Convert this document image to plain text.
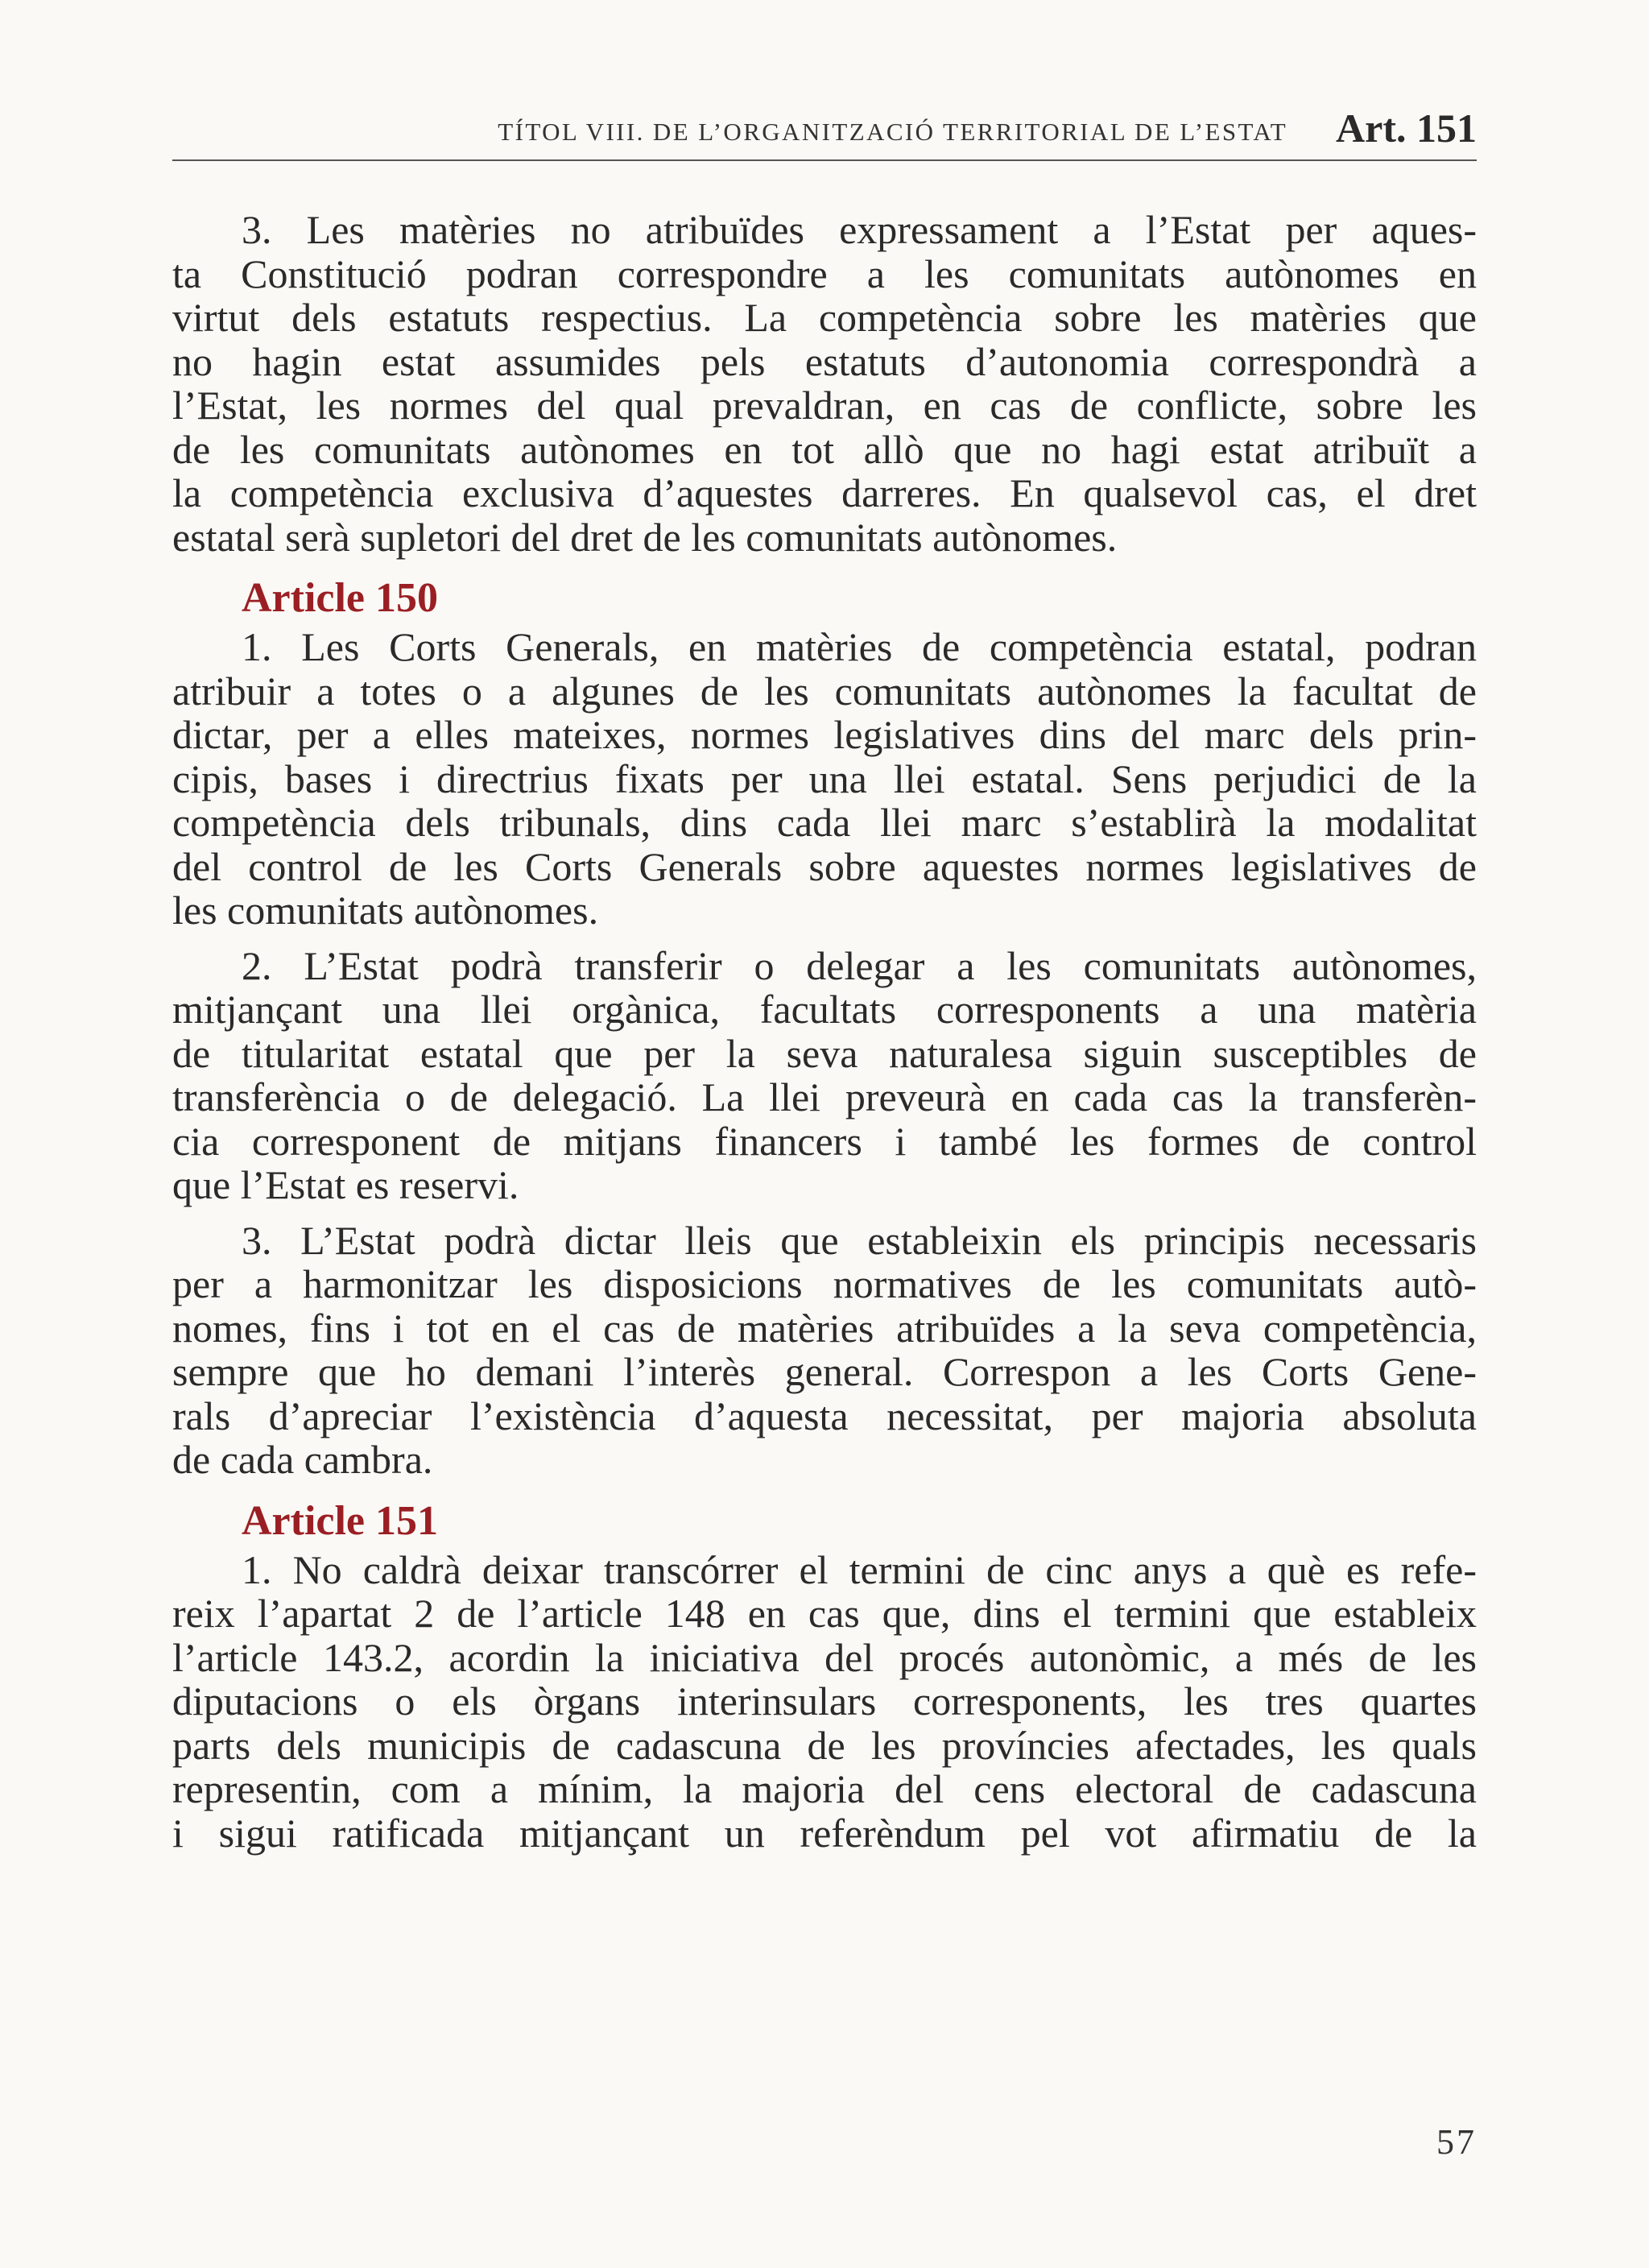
TÍTOL VIII. DE L’ORGANITZACIÓ TERRITORIAL DE L’ESTAT Art. 151
3. Les matèries no atribuïdes expressament a l’Estat per aques-
ta Constitució podran correspondre a les comunitats autònomes en
virtut dels estatuts respectius. La competència sobre les matèries que
no hagin estat assumides pels estatuts d’autonomia correspondrà a
l’Estat, les normes del qual prevaldran, en cas de conflicte, sobre les
de les comunitats autònomes en tot allò que no hagi estat atribuït a
la competència exclusiva d’aquestes darreres. En qualsevol cas, el dret
estatal serà supletori del dret de les comunitats autònomes.
Article 150
1. Les Corts Generals, en matèries de competència estatal, podran
atribuir a totes o a algunes de les comunitats autònomes la facultat de
dictar, per a elles mateixes, normes legislatives dins del marc dels prin-
cipis, bases i directrius fixats per una llei estatal. Sens perjudici de la
competència dels tribunals, dins cada llei marc s’establirà la modalitat
del control de les Corts Generals sobre aquestes normes legislatives de
les comunitats autònomes.
2. L’Estat podrà transferir o delegar a les comunitats autònomes,
mitjançant una llei orgànica, facultats corresponents a una matèria
de titularitat estatal que per la seva naturalesa siguin susceptibles de
transferència o de delegació. La llei preveurà en cada cas la transferèn-
cia corresponent de mitjans financers i també les formes de control
que l’Estat es reservi.
3. L’Estat podrà dictar lleis que estableixin els principis necessaris
per a harmonitzar les disposicions normatives de les comunitats autò-
nomes, fins i tot en el cas de matèries atribuïdes a la seva competència,
sempre que ho demani l’interès general. Correspon a les Corts Gene-
rals d’apreciar l’existència d’aquesta necessitat, per majoria absoluta
de cada cambra.
Article 151
1. No caldrà deixar transcórrer el termini de cinc anys a què es refe-
reix l’apartat 2 de l’article 148 en cas que, dins el termini que estableix
l’article 143.2, acordin la iniciativa del procés autonòmic, a més de les
diputacions o els òrgans interinsulars corresponents, les tres quartes
parts dels municipis de cadascuna de les províncies afectades, les quals
representin, com a mínim, la majoria del cens electoral de cadascuna
i sigui ratificada mitjançant un referèndum pel vot afirmatiu de la
57
